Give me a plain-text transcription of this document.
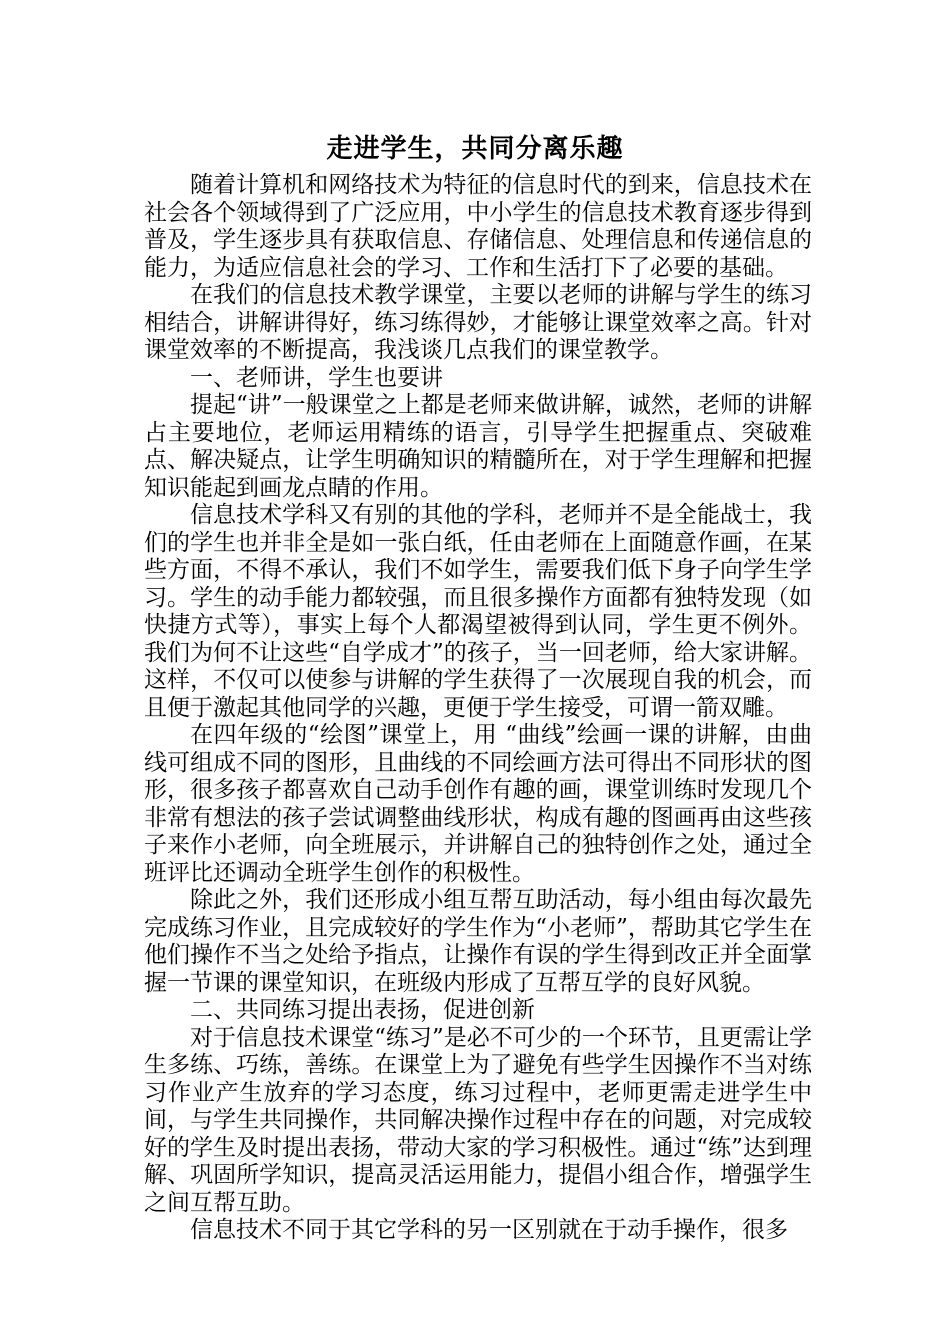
走进学生，共同分离乐趣

随着计算机和网络技术为特征的信息时代的到来，信息技术在社会各个领域得到了广泛应用，中小学生的信息技术教育逐步得到普及，学生逐步具有获取信息、存储信息、处理信息和传递信息的能力，为适应信息社会的学习、工作和生活打下了必要的基础。

在我们的信息技术教学课堂，主要以老师的讲解与学生的练习相结合，讲解讲得好，练习练得妙，才能够让课堂效率之高。针对课堂效率的不断提高，我浅谈几点我们的课堂教学。

一、老师讲，学生也要讲

提起“讲”一般课堂之上都是老师来做讲解，诚然，老师的讲解占主要地位，老师运用精练的语言，引导学生把握重点、突破难点、解决疑点，让学生明确知识的精髓所在，对于学生理解和把握知识能起到画龙点睛的作用。

信息技术学科又有别的其他的学科，老师并不是全能战士，我们的学生也并非全是如一张白纸，任由老师在上面随意作画，在某些方面，不得不承认，我们不如学生，需要我们低下身子向学生学习。学生的动手能力都较强，而且很多操作方面都有独特发现（如快捷方式等），事实上每个人都渴望被得到认同，学生更不例外。我们为何不让这些“自学成才”的孩子，当一回老师，给大家讲解。这样，不仅可以使参与讲解的学生获得了一次展现自我的机会，而且便于激起其他同学的兴趣，更便于学生接受，可谓一箭双雕。

在四年级的“绘图”课堂上，用 “曲线”绘画一课的讲解，由曲线可组成不同的图形，且曲线的不同绘画方法可得出不同形状的图形，很多孩子都喜欢自己动手创作有趣的画，课堂训练时发现几个非常有想法的孩子尝试调整曲线形状，构成有趣的图画再由这些孩子来作小老师，向全班展示，并讲解自己的独特创作之处，通过全班评比还调动全班学生创作的积极性。

除此之外，我们还形成小组互帮互助活动，每小组由每次最先完成练习作业，且完成较好的学生作为“小老师”，帮助其它学生在他们操作不当之处给予指点，让操作有误的学生得到改正并全面掌握一节课的课堂知识，在班级内形成了互帮互学的良好风貌。

二、共同练习提出表扬，促进创新

对于信息技术课堂“练习”是必不可少的一个环节，且更需让学生多练、巧练，善练。在课堂上为了避免有些学生因操作不当对练习作业产生放弃的学习态度，练习过程中，老师更需走进学生中间，与学生共同操作，共同解决操作过程中存在的问题，对完成较好的学生及时提出表扬，带动大家的学习积极性。通过“练”达到理解、巩固所学知识，提高灵活运用能力，提倡小组合作，增强学生之间互帮互助。

信息技术不同于其它学科的另一区别就在于动手操作，很多
